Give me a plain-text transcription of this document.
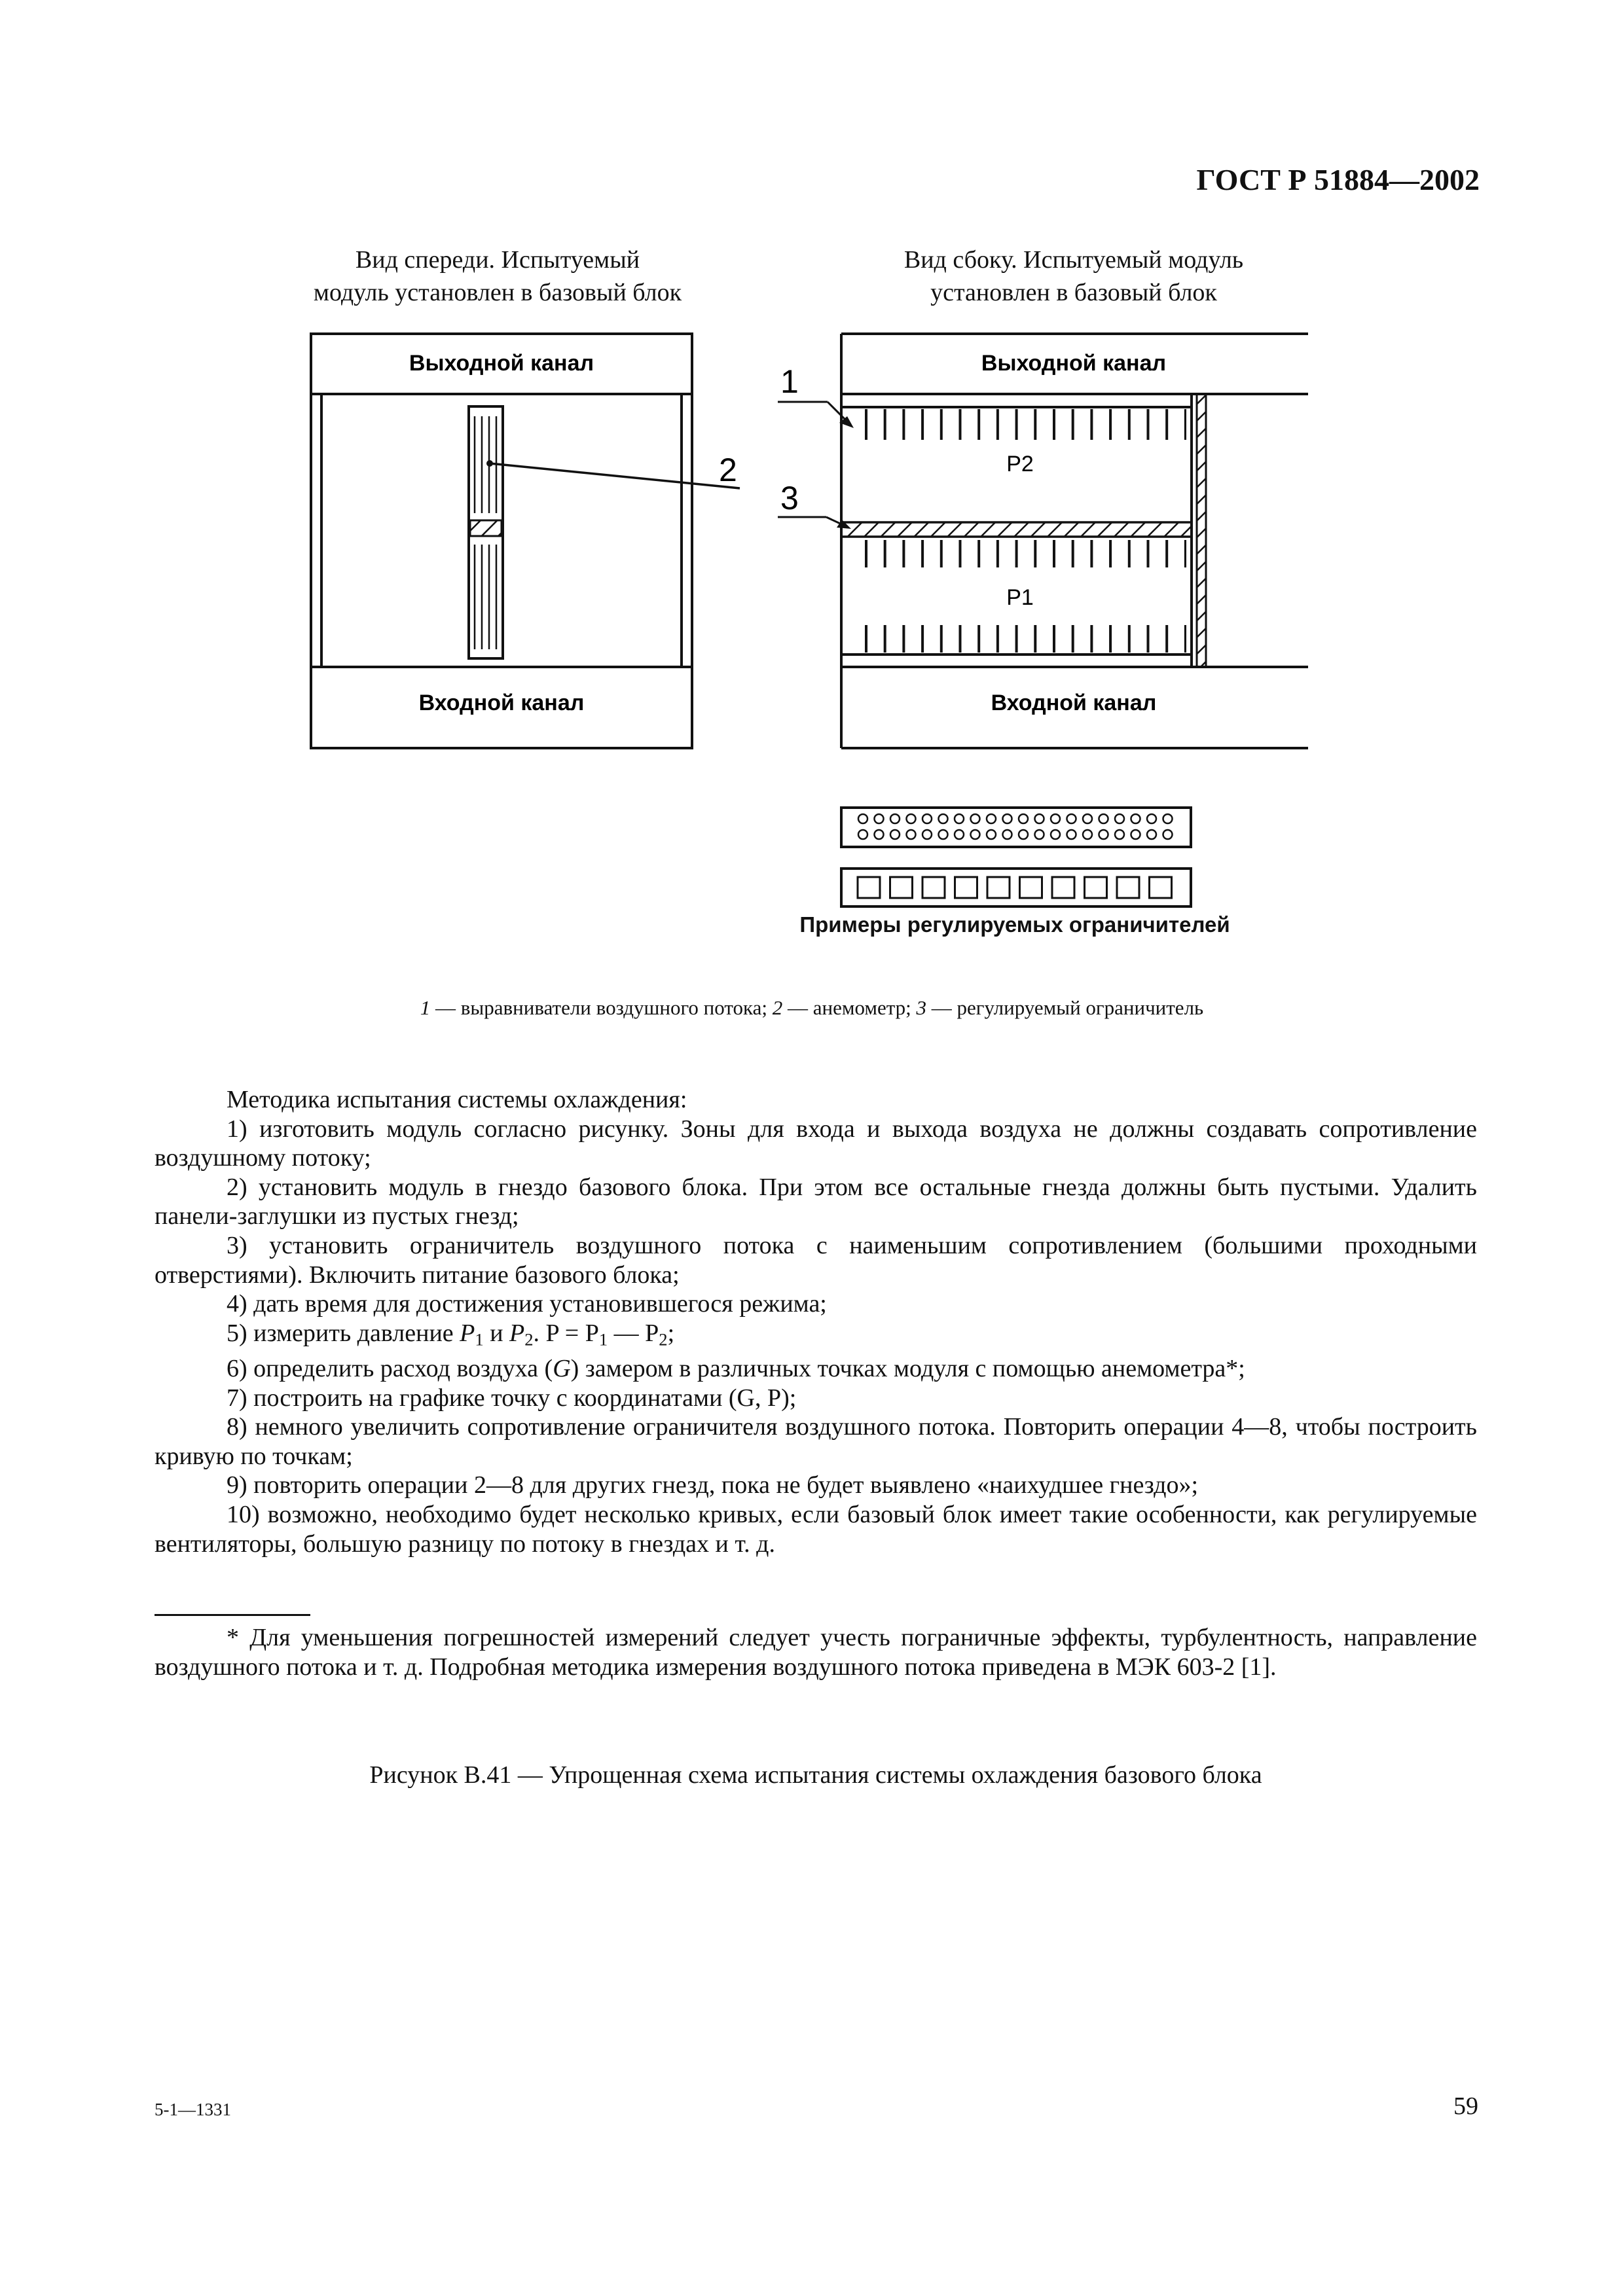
ГОСТ Р 51884—2002
Вид спереди. Испытуемый
модуль установлен в базовый блок
Вид сбоку. Испытуемый модуль
установлен в базовый блок
Выходной канал
Входной канал
2
Выходной канал
Входной канал
P2
P1
1
3
Примеры регулируемых ограничителей
1 — выравниватели воздушного потока; 2 — анемометр; 3 — регулируемый ограничитель

Методика испытания системы охлаждения:

1) изготовить модуль согласно рисунку. Зоны для входа и выхода воздуха не должны создавать сопротивление воздушному потоку;

2) установить модуль в гнездо базового блока. При этом все остальные гнезда должны быть пустыми. Удалить панели-заглушки из пустых гнезд;

3) установить ограничитель воздушного потока с наименьшим сопротивлением (большими проходными отверстиями). Включить питание базового блока;

4) дать время для достижения установившегося режима;

5) измерить давление $P_1$ и $P_2$. $P = P_1$ — $P_2$;

6) определить расход воздуха (G) замером в различных точках модуля с помощью анемометра*;

7) построить на графике точку с координатами (G, P);

8) немного увеличить сопротивление ограничителя воздушного потока. Повторить операции 4—8, чтобы построить кривую по точкам;

9) повторить операции 2—8 для других гнезд, пока не будет выявлено «наихудшее гнездо»;

10) возможно, необходимо будет несколько кривых, если базовый блок имеет такие особенности, как регулируемые вентиляторы, большую разницу по потоку в гнездах и т. д.

* Для уменьшения погрешностей измерений следует учесть пограничные эффекты, турбулентность, направление воздушного потока и т. д. Подробная методика измерения воздушного потока приведена в МЭК 603-2 [1].

Рисунок В.41 — Упрощенная схема испытания системы охлаждения базового блока
5-1—1331	59
